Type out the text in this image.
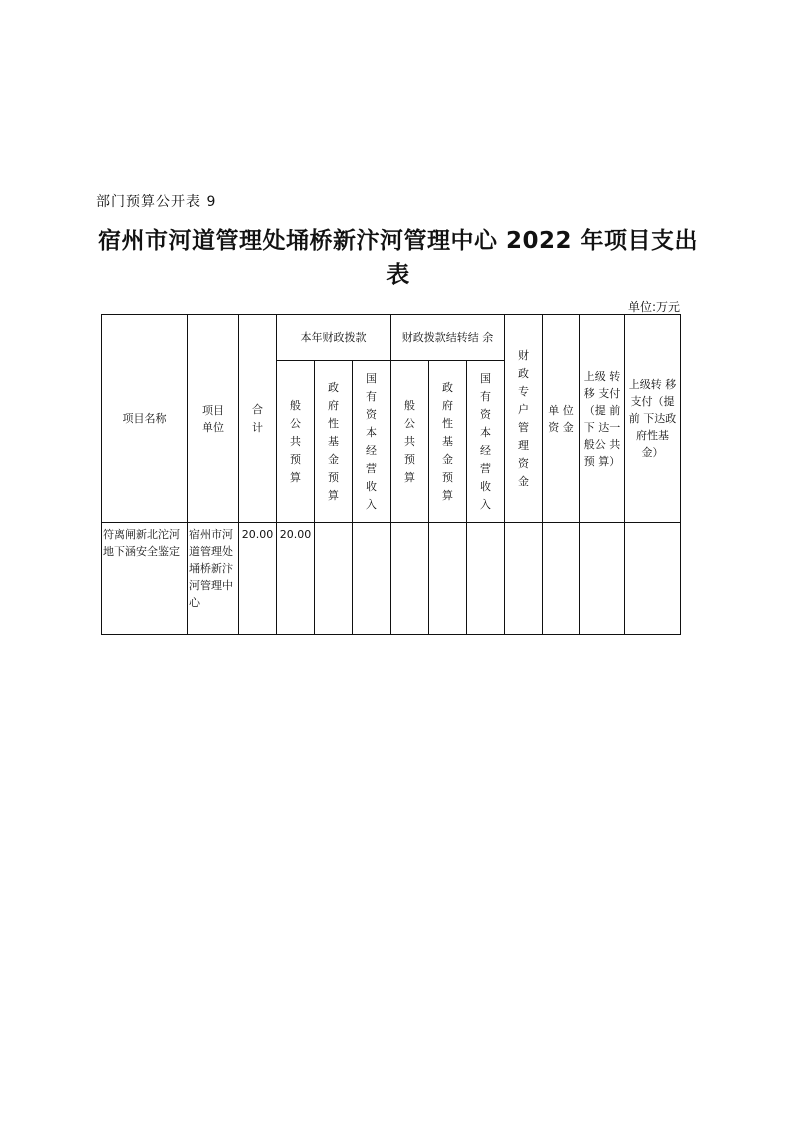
部门预算公开表 9
宿州市河道管理处埇桥新汴河管理中心 2022 年项目支出表
单位:万元
项目名称	项目单位	合计	本年财政拨款			财政拨款结转结 余			财政专户管理资金	单 位资 金	上级 转移 支付（提 前下 达一般公 共预 算）	上级转 移支付（提前 下达政 府性基 金）
			般公共预算	政府性基金预算	国有资本经营收入	般公共预算	政府性基金预算	国有资本经营收入				
符离闸新北沱河地下涵安全鉴定	宿州市河道管理处埇桥新汴河管理中心	20.00	20.00									
